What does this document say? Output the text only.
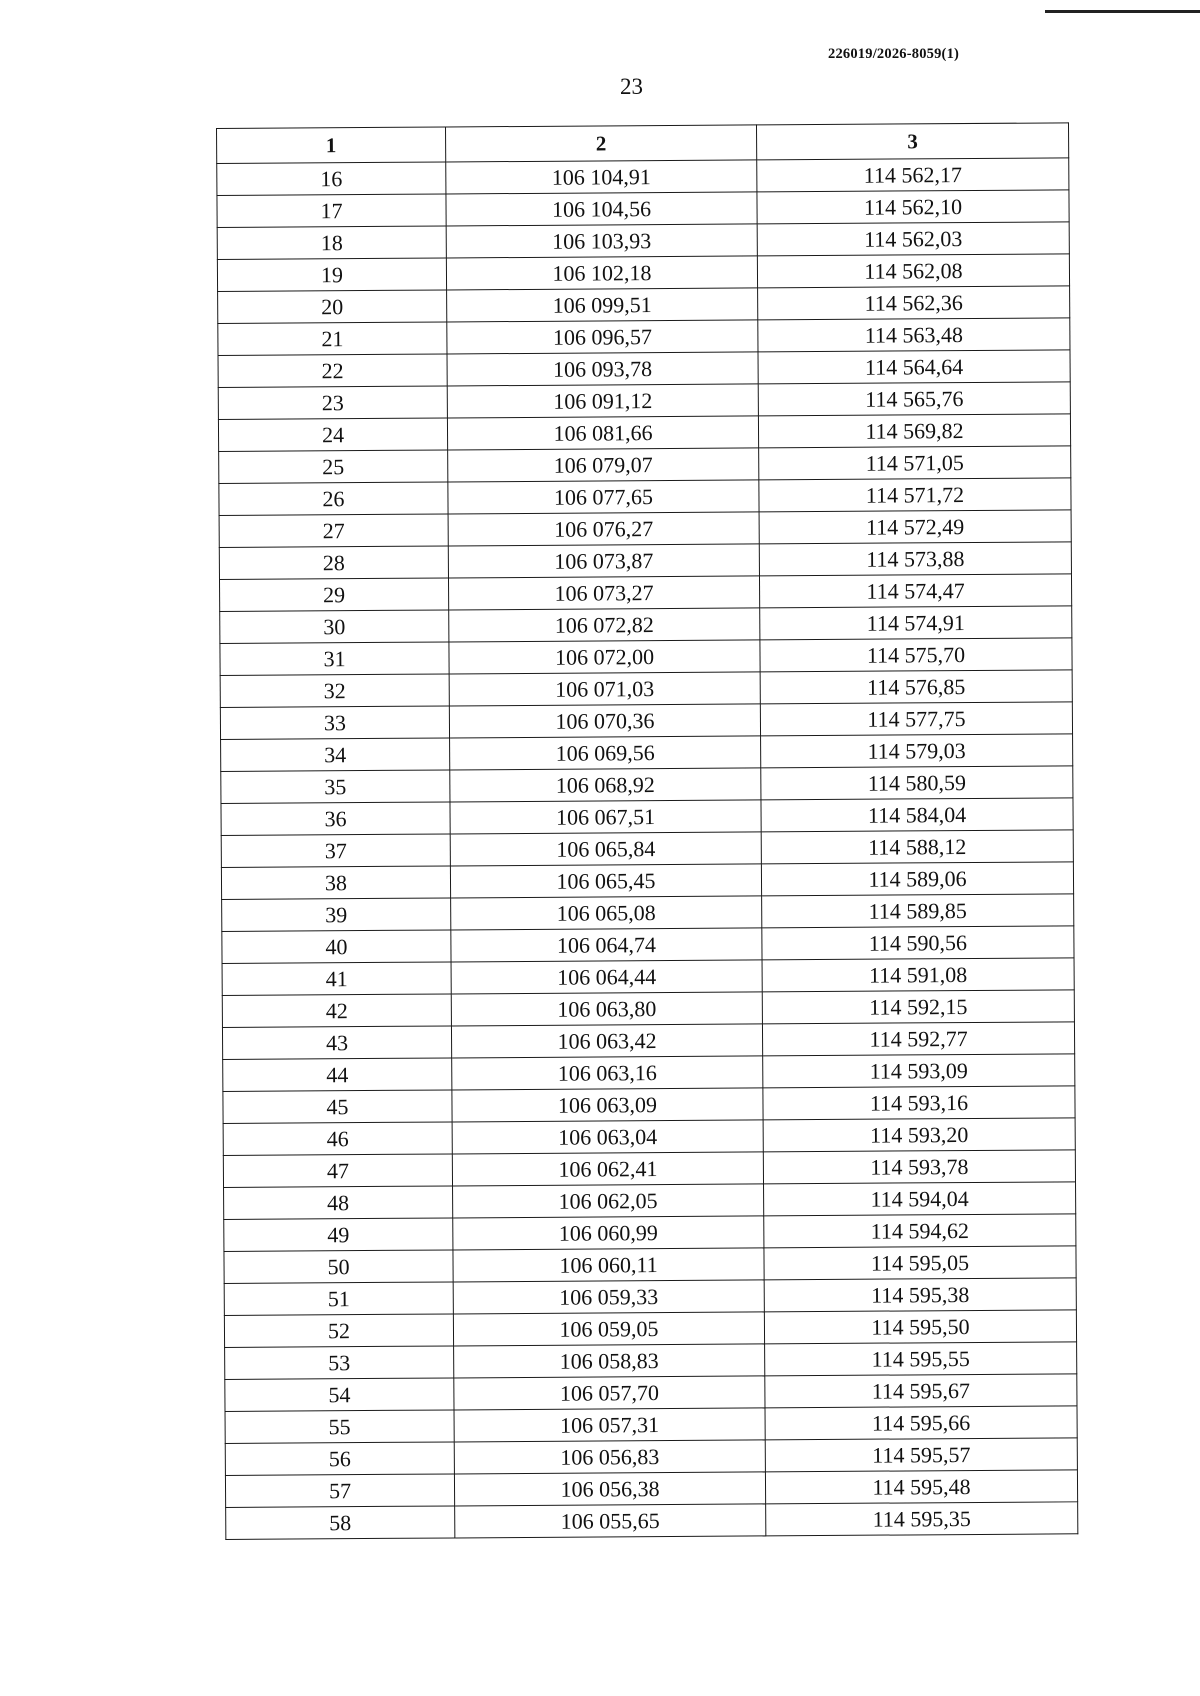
226019/2026-8059(1)
23
1	2	3
16	106 104,91	114 562,17
17	106 104,56	114 562,10
18	106 103,93	114 562,03
19	106 102,18	114 562,08
20	106 099,51	114 562,36
21	106 096,57	114 563,48
22	106 093,78	114 564,64
23	106 091,12	114 565,76
24	106 081,66	114 569,82
25	106 079,07	114 571,05
26	106 077,65	114 571,72
27	106 076,27	114 572,49
28	106 073,87	114 573,88
29	106 073,27	114 574,47
30	106 072,82	114 574,91
31	106 072,00	114 575,70
32	106 071,03	114 576,85
33	106 070,36	114 577,75
34	106 069,56	114 579,03
35	106 068,92	114 580,59
36	106 067,51	114 584,04
37	106 065,84	114 588,12
38	106 065,45	114 589,06
39	106 065,08	114 589,85
40	106 064,74	114 590,56
41	106 064,44	114 591,08
42	106 063,80	114 592,15
43	106 063,42	114 592,77
44	106 063,16	114 593,09
45	106 063,09	114 593,16
46	106 063,04	114 593,20
47	106 062,41	114 593,78
48	106 062,05	114 594,04
49	106 060,99	114 594,62
50	106 060,11	114 595,05
51	106 059,33	114 595,38
52	106 059,05	114 595,50
53	106 058,83	114 595,55
54	106 057,70	114 595,67
55	106 057,31	114 595,66
56	106 056,83	114 595,57
57	106 056,38	114 595,48
58	106 055,65	114 595,35
